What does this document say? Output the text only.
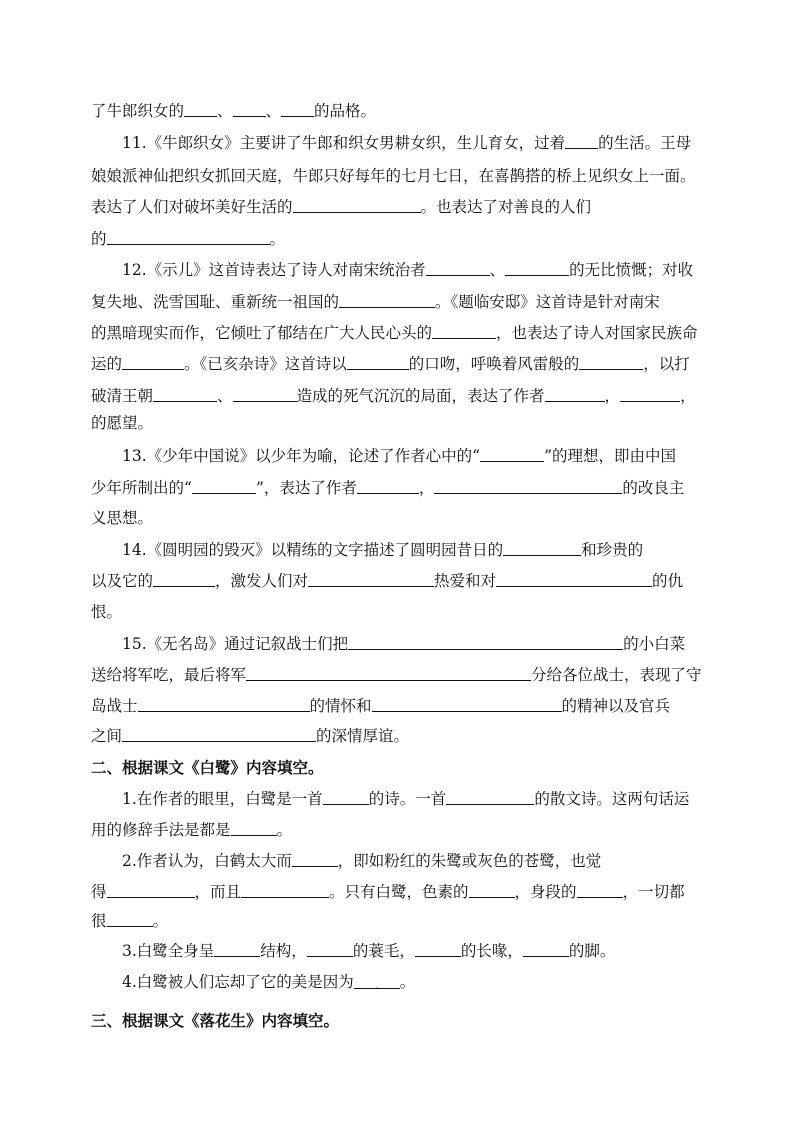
了牛郎织女的 、 、 的品格。
11.《牛郎织女》主要讲了牛郎和织女男耕女织，生儿育女，过着 的生活。王母
娘娘派神仙把织女抓回天庭，牛郎只好每年的七月七日，在喜鹊搭的桥上见织女上一面。
表达了人们对破坏美好生活的	。也表达了对善良的人们
的	。
12.《示儿》这首诗表达了诗人对南宋统治者	、	的无比愤慨；对收
复失地、洗雪国耻、重新统一祖国的	。《题临安邸》这首诗是针对南宋
的黑暗现实而作，它倾吐了郁结在广大人民心头的	，也表达了诗人对国家民族命
运的	。《已亥杂诗》这首诗以	的口吻，呼唤着风雷般的	，以打
破清王朝	、	造成的死气沉沉的局面，表达了作者	，	，
的愿望。
13.《少年中国说》以少年为喻，论述了作者心中的“	”的理想，即由中国
少年所制出的“	”，表达了作者	，	的改良主
义思想。
14.《圆明园的毁灭》以精练的文字描述了圆明园昔日的	和珍贵的
以及它的	，激发人们对	热爱和对	的仇
恨。
15.《无名岛》通过记叙战士们把	的小白菜
送给将军吃，最后将军	分给各位战士，表现了守
岛战士	的情怀和	的精神以及官兵
之间	的深情厚谊。
二、根据课文《白鹭》内容填空。
1.在作者的眼里，白鹭是一首	的诗。一首	的散文诗。这两句话运
用的修辞手法是都是	。
2.作者认为，白鹤太大而	，即如粉红的朱鹭或灰色的苍鹭，也觉
得	，而且	。只有白鹭，色素的	，身段的	，一切都
很	。
3.白鹭全身呈	结构，	的蓑毛，	的长喙，	的脚。
4.白鹭被人们忘却了它的美是因为 . 。
三、根据课文《落花生》内容填空。
